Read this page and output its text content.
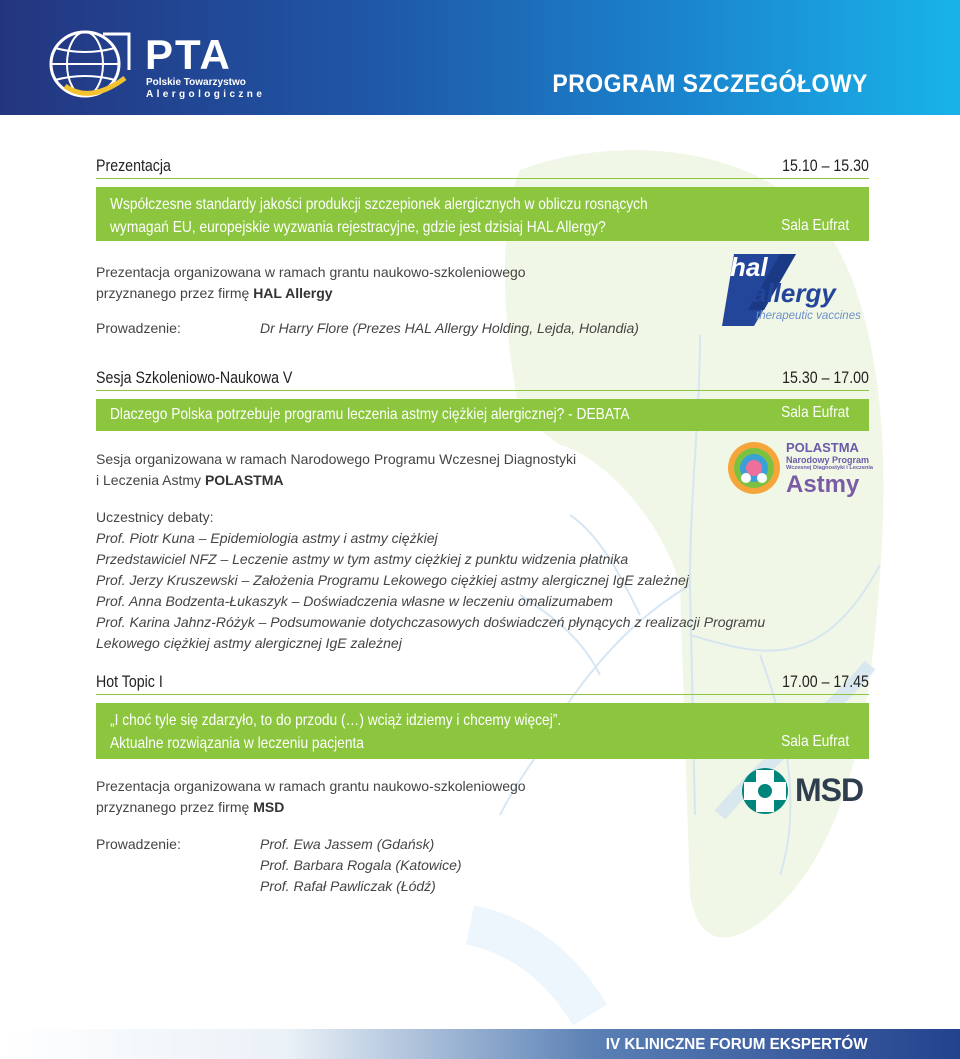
PTA
Polskie Towarzystwo
Alergologiczne	PROGRAM SZCZEGÓŁOWY
Prezentacja	15.10 – 15.30
Współczesne standardy jakości produkcji szczepionek alergicznych w obliczu rosnących
wymagań EU, europejskie wyzwania rejestracyjne, gdzie jest dzisiaj HAL Allergy?	Sala Eufrat
Prezentacja organizowana w ramach grantu naukowo-szkoleniowego
przyznanego przez firmę HAL Allergy
Prowadzenie:	Dr Harry Flore (Prezes HAL Allergy Holding, Lejda, Holandia)
hal
allergy
therapeutic vaccines
Sesja Szkoleniowo-Naukowa V	15.30 – 17.00
Dlaczego Polska potrzebuje programu leczenia astmy ciężkiej alergicznej? - DEBATA	Sala Eufrat
Sesja organizowana w ramach Narodowego Programu Wczesnej Diagnostyki
i Leczenia Astmy POLASTMA
POLASTMA
Narodowy Program
Wczesnej Diagnostyki i Leczenia
Astmy
Uczestnicy debaty:
Prof. Piotr Kuna – Epidemiologia astmy i astmy ciężkiej
Przedstawiciel NFZ – Leczenie astmy w tym astmy ciężkiej z punktu widzenia płatnika
Prof. Jerzy Kruszewski – Założenia Programu Lekowego ciężkiej astmy alergicznej IgE zależnej
Prof. Anna Bodzenta-Łukaszyk – Doświadczenia własne w leczeniu omalizumabem
Prof. Karina Jahnz-Różyk – Podsumowanie dotychczasowych doświadczeń płynących z realizacji Programu
Lekowego ciężkiej astmy alergicznej IgE zależnej
Hot Topic I	17.00 – 17.45
„I choć tyle się zdarzyło, to do przodu (…) wciąż idziemy i chcemy więcej”.
Aktualne rozwiązania w leczeniu pacjenta	Sala Eufrat
Prezentacja organizowana w ramach grantu naukowo-szkoleniowego
przyznanego przez firmę MSD	MSD
Prowadzenie:	Prof. Ewa Jassem (Gdańsk)
Prof. Barbara Rogala (Katowice)
Prof. Rafał Pawliczak (Łódź)
IV KLINICZNE FORUM EKSPERTÓW
